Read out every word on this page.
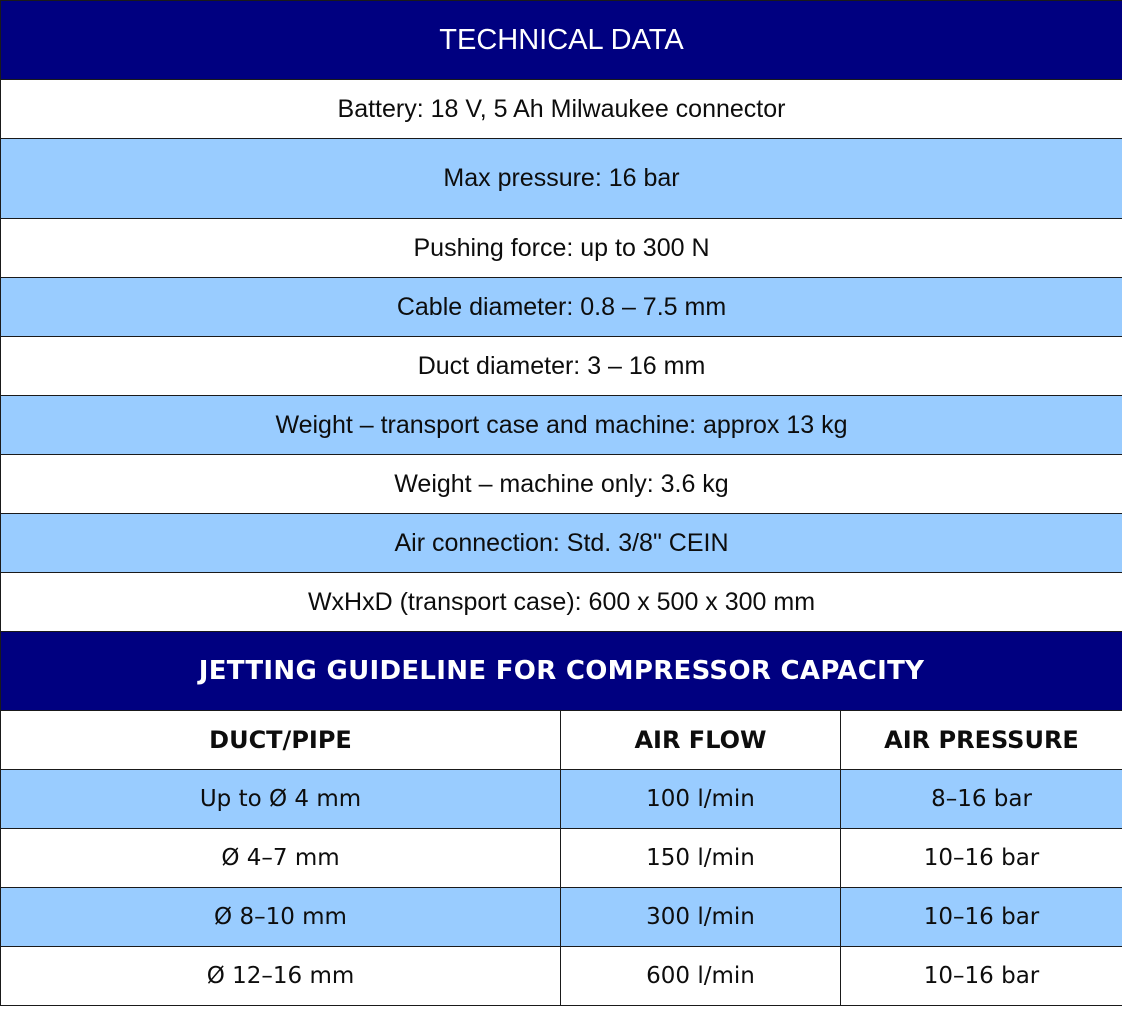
TECHNICAL DATA		
Battery: 18 V, 5 Ah Milwaukee connector		
Max pressure: 16 bar		
Pushing force: up to 300 N		
Cable diameter: 0.8 – 7.5 mm		
Duct diameter: 3 – 16 mm		
Weight – transport case and machine: approx 13 kg		
Weight – machine only: 3.6 kg		
Air connection: Std. 3/8" CEIN		
WxHxD (transport case): 600 x 500 x 300 mm		
JETTING GUIDELINE FOR COMPRESSOR CAPACITY		
DUCT/PIPE	AIR FLOW	AIR PRESSURE
Up to Ø 4 mm	100 l/min	8–16 bar
Ø 4–7 mm	150 l/min	10–16 bar
Ø 8–10 mm	300 l/min	10–16 bar
Ø 12–16 mm	600 l/min	10–16 bar
